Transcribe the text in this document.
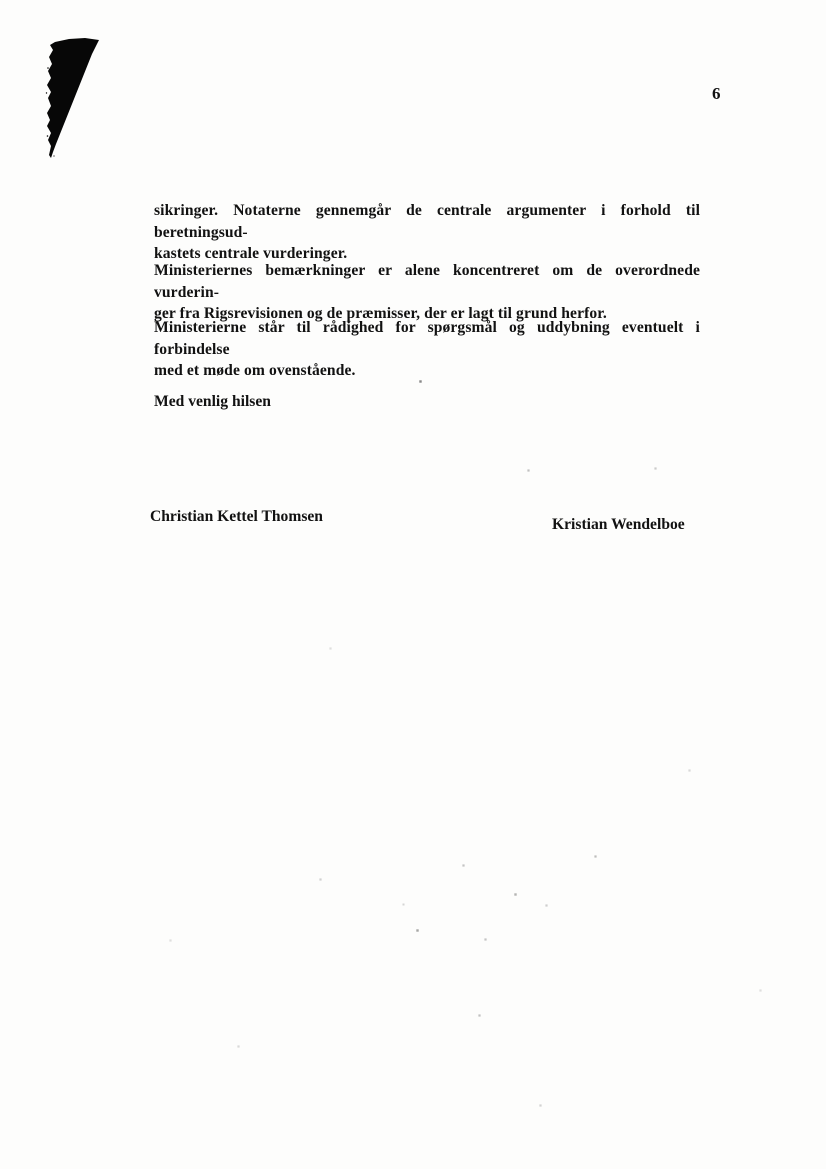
6
sikringer. Notaterne gennemgår de centrale argumenter i forhold til beretningsud-
kastets centrale vurderinger.
Ministeriernes bemærkninger er alene koncentreret om de overordnede vurderin-
ger fra Rigsrevisionen og de præmisser, der er lagt til grund herfor.
Ministerierne står til rådighed for spørgsmål og uddybning eventuelt i forbindelse
med et møde om ovenstående.
Med venlig hilsen
Christian Kettel Thomsen	Kristian Wendelboe
